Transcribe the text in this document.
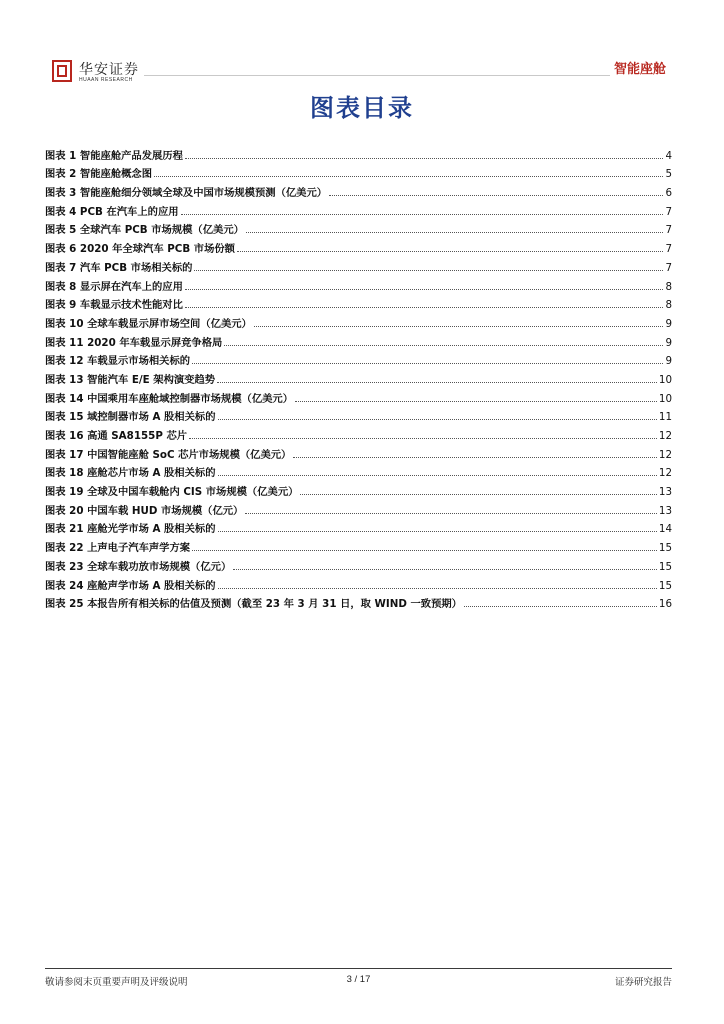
华安证券
HUAAN RESEARCH
智能座舱
图表目录
图表 1 智能座舱产品发展历程	4
图表 2 智能座舱概念图	5
图表 3 智能座舱细分领域全球及中国市场规模预测（亿美元）	6
图表 4 PCB 在汽车上的应用	7
图表 5 全球汽车 PCB 市场规模（亿美元）	7
图表 6 2020 年全球汽车 PCB 市场份额	7
图表 7 汽车 PCB 市场相关标的	7
图表 8 显示屏在汽车上的应用	8
图表 9 车载显示技术性能对比	8
图表 10 全球车载显示屏市场空间（亿美元）	9
图表 11 2020 年车载显示屏竞争格局	9
图表 12 车载显示市场相关标的	9
图表 13 智能汽车 E/E 架构演变趋势	10
图表 14 中国乘用车座舱域控制器市场规模（亿美元）	10
图表 15 域控制器市场 A 股相关标的	11
图表 16 高通 SA8155P 芯片	12
图表 17 中国智能座舱 SoC 芯片市场规模（亿美元）	12
图表 18 座舱芯片市场 A 股相关标的	12
图表 19 全球及中国车载舱内 CIS 市场规模（亿美元）	13
图表 20 中国车载 HUD 市场规模（亿元）	13
图表 21 座舱光学市场 A 股相关标的	14
图表 22 上声电子汽车声学方案	15
图表 23 全球车载功放市场规模（亿元）	15
图表 24 座舱声学市场 A 股相关标的	15
图表 25 本报告所有相关标的估值及预测（截至 23 年 3 月 31 日，取 WIND 一致预期）	16
敬请参阅末页重要声明及评级说明	3 / 17	证券研究报告
